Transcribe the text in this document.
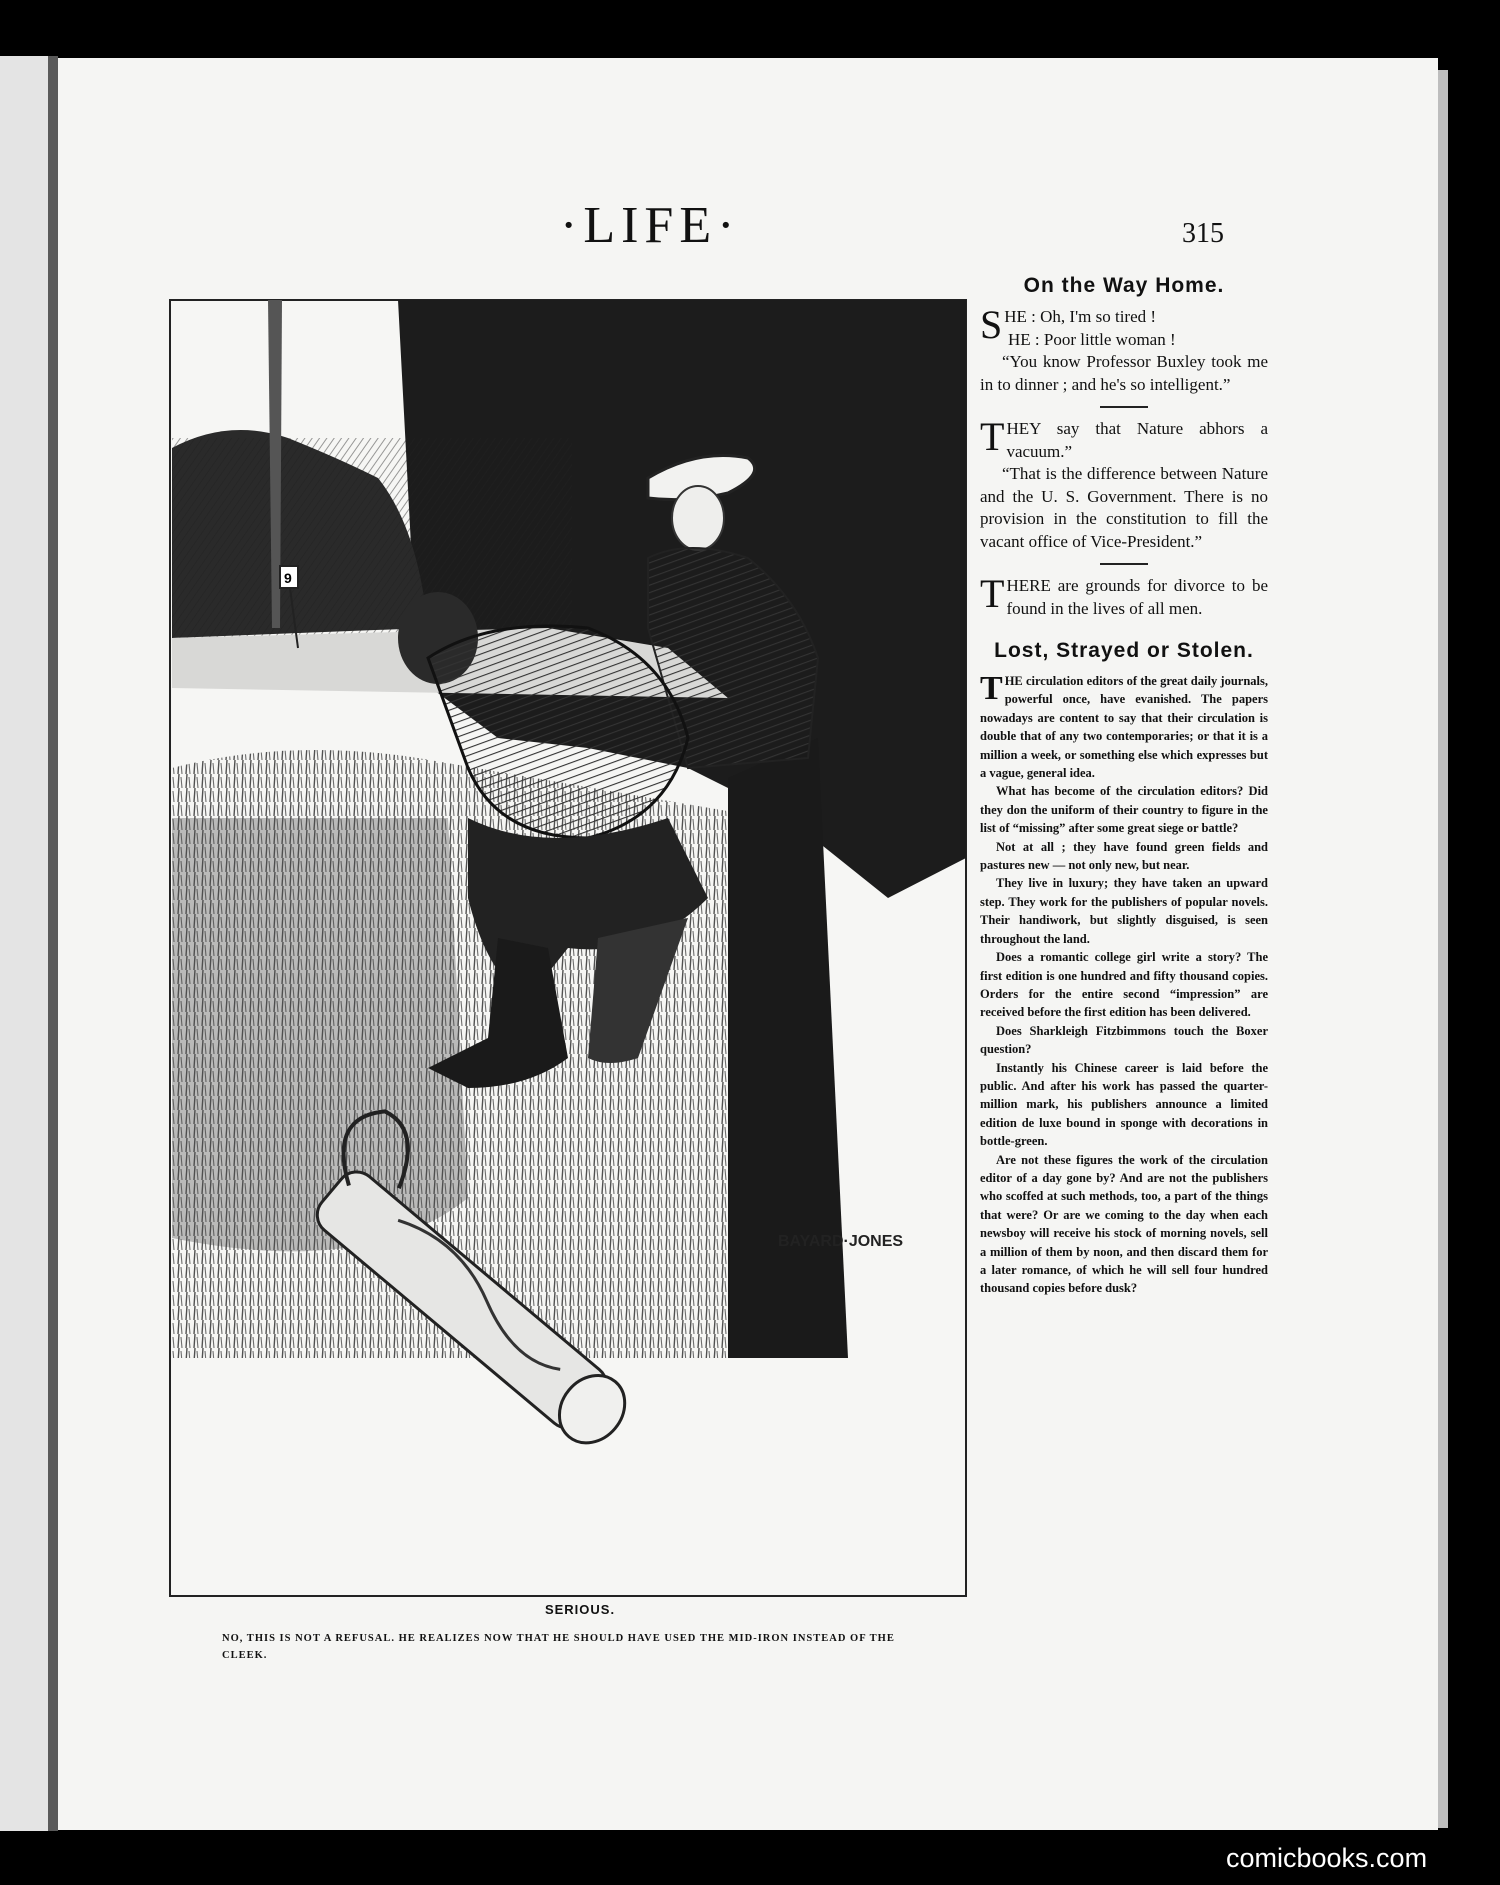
·LIFE·	315
9
BAYARD·JONES
SERIOUS.
NO, THIS IS NOT A REFUSAL. HE REALIZES NOW THAT HE SHOULD HAVE USED THE MID-IRON INSTEAD OF THE CLEEK.
On the Way Home.

SHE : Oh, I'm so tired !

HE : Poor little woman !

“You know Professor Buxley took me in to dinner ; and he's so intelligent.”

THEY say that Nature abhors a vacuum.”

“That is the difference between Nature and the U. S. Government. There is no provision in the constitution to fill the vacant office of Vice-President.”

THERE are grounds for divorce to be found in the lives of all men.

Lost, Strayed or Stolen.

THE circulation editors of the great daily journals, powerful once, have evanished. The papers nowadays are content to say that their circulation is double that of any two contemporaries; or that it is a million a week, or something else which expresses but a vague, general idea.

What has become of the circulation editors? Did they don the uniform of their country to figure in the list of “missing” after some great siege or battle?

Not at all ; they have found green fields and pastures new — not only new, but near.

They live in luxury; they have taken an upward step. They work for the publishers of popular novels. Their handiwork, but slightly disguised, is seen throughout the land.

Does a romantic college girl write a story? The first edition is one hundred and fifty thousand copies. Orders for the entire second “impression” are received before the first edition has been delivered.

Does Sharkleigh Fitzbimmons touch the Boxer question?

Instantly his Chinese career is laid before the public. And after his work has passed the quarter-million mark, his publishers announce a limited edition de luxe bound in sponge with decorations in bottle-green.

Are not these figures the work of the circulation editor of a day gone by? And are not the publishers who scoffed at such methods, too, a part of the things that were? Or are we coming to the day when each newsboy will receive his stock of morning novels, sell a million of them by noon, and then discard them for a later romance, of which he will sell four hundred thousand copies before dusk?

comicbooks.com
